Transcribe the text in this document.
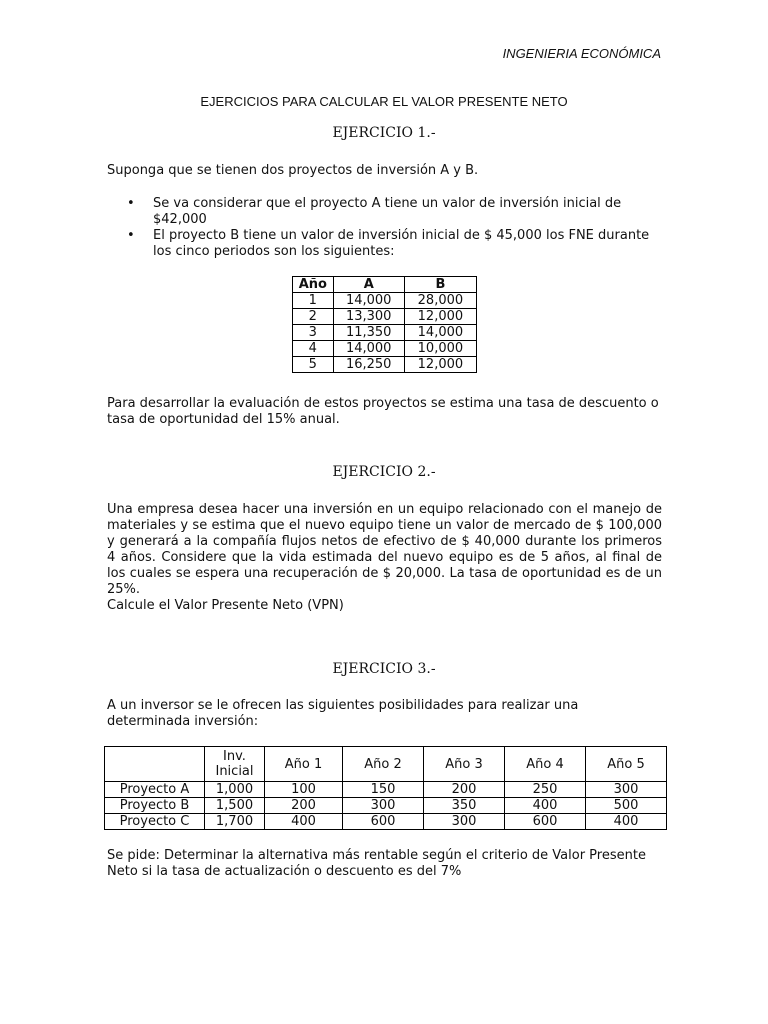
INGENIERIA ECONÓMICA
EJERCICIOS PARA CALCULAR EL VALOR PRESENTE NETO
EJERCICIO 1.-
Suponga que se tienen dos proyectos de inversión A y B.
• Se va considerar que el proyecto A tiene un valor de inversión inicial de $42,000
• El proyecto B tiene un valor de inversión inicial de $ 45,000 los FNE durante los cinco periodos son los siguientes:
Año	A	B
1	14,000	28,000
2	13,300	12,000
3	11,350	14,000
4	14,000	10,000
5	16,250	12,000
Para desarrollar la evaluación de estos proyectos se estima una tasa de descuento o tasa de oportunidad del 15% anual.
EJERCICIO 2.-
Una empresa desea hacer una inversión en un equipo relacionado con el manejo de materiales y se estima que el nuevo equipo tiene un valor de mercado de $ 100,000 y generará a la compañía flujos netos de efectivo de $ 40,000 durante los primeros 4 años. Considere que la vida estimada del nuevo equipo es de 5 años, al final de los cuales se espera una recuperación de $ 20,000. La tasa de oportunidad es de un 25%.
Calcule el Valor Presente Neto (VPN)
EJERCICIO 3.-
A un inversor se le ofrecen las siguientes posibilidades para realizar una determinada inversión:
	Inv.
Inicial	Año 1	Año 2	Año 3	Año 4	Año 5
Proyecto A	1,000	100	150	200	250	300
Proyecto B	1,500	200	300	350	400	500
Proyecto C	1,700	400	600	300	600	400
Se pide: Determinar la alternativa más rentable según el criterio de Valor Presente Neto si la tasa de actualización o descuento es del 7%
